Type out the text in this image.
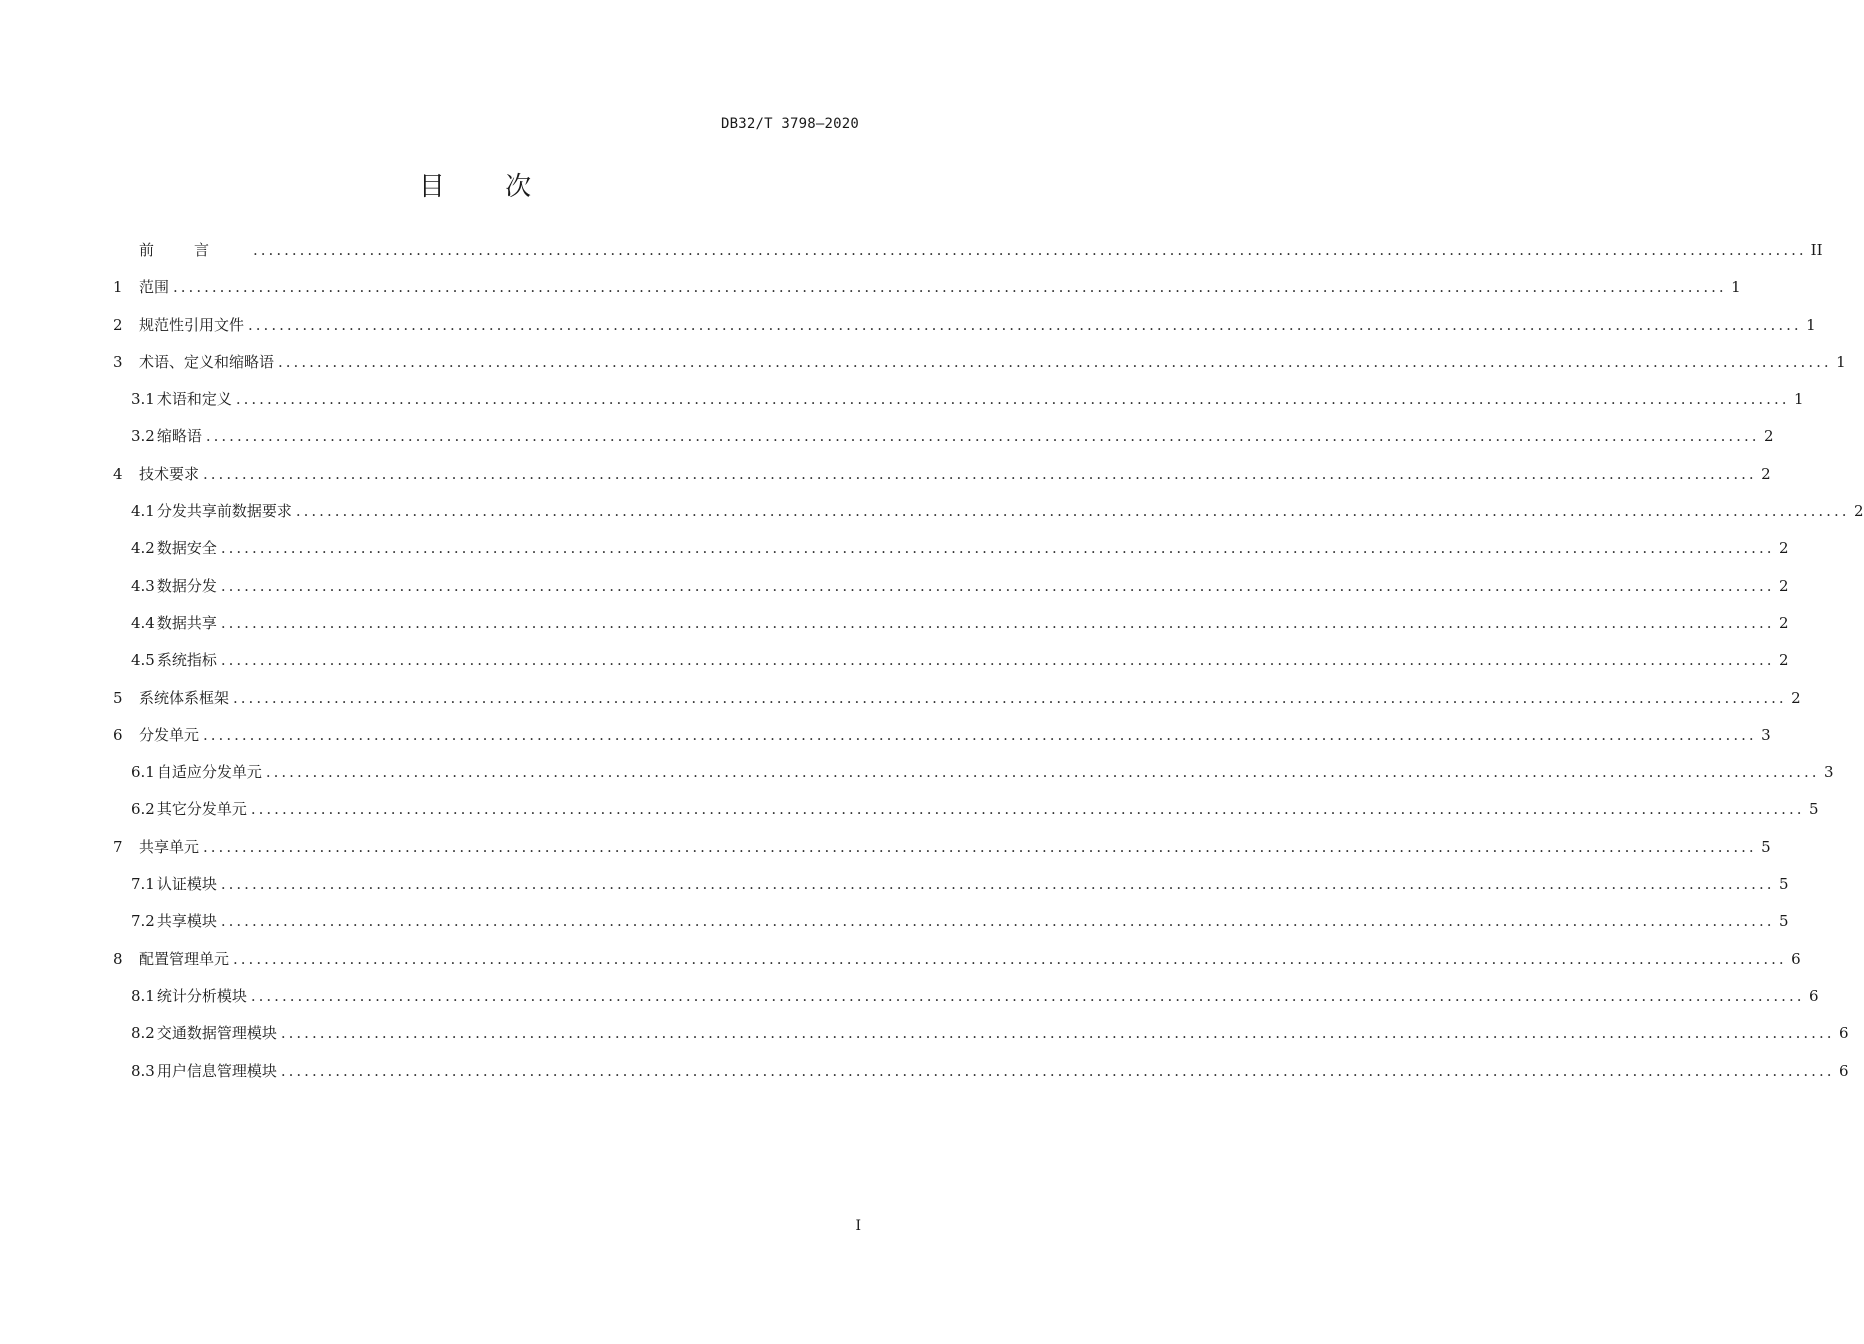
DB32/T 3798—2020
目 次
前言 ........................................................................................................................................................................................................ II
1	范围 ........................................................................................................................................................................................................ 1
2	规范性引用文件 ........................................................................................................................................................................................................ 1
3	术语、定义和缩略语 ........................................................................................................................................................................................................ 1
3.1 术语和定义 ........................................................................................................................................................................................................ 1
3.2 缩略语 ........................................................................................................................................................................................................ 2
4	技术要求 ........................................................................................................................................................................................................ 2
4.1 分发共享前数据要求 ........................................................................................................................................................................................................ 2
4.2 数据安全 ........................................................................................................................................................................................................ 2
4.3 数据分发 ........................................................................................................................................................................................................ 2
4.4 数据共享 ........................................................................................................................................................................................................ 2
4.5 系统指标 ........................................................................................................................................................................................................ 2
5	系统体系框架 ........................................................................................................................................................................................................ 2
6	分发单元 ........................................................................................................................................................................................................ 3
6.1 自适应分发单元 ........................................................................................................................................................................................................ 3
6.2 其它分发单元 ........................................................................................................................................................................................................ 5
7	共享单元 ........................................................................................................................................................................................................ 5
7.1 认证模块 ........................................................................................................................................................................................................ 5
7.2 共享模块 ........................................................................................................................................................................................................ 5
8	配置管理单元 ........................................................................................................................................................................................................ 6
8.1 统计分析模块 ........................................................................................................................................................................................................ 6
8.2 交通数据管理模块 ........................................................................................................................................................................................................ 6
8.3 用户信息管理模块 ........................................................................................................................................................................................................ 6
I
